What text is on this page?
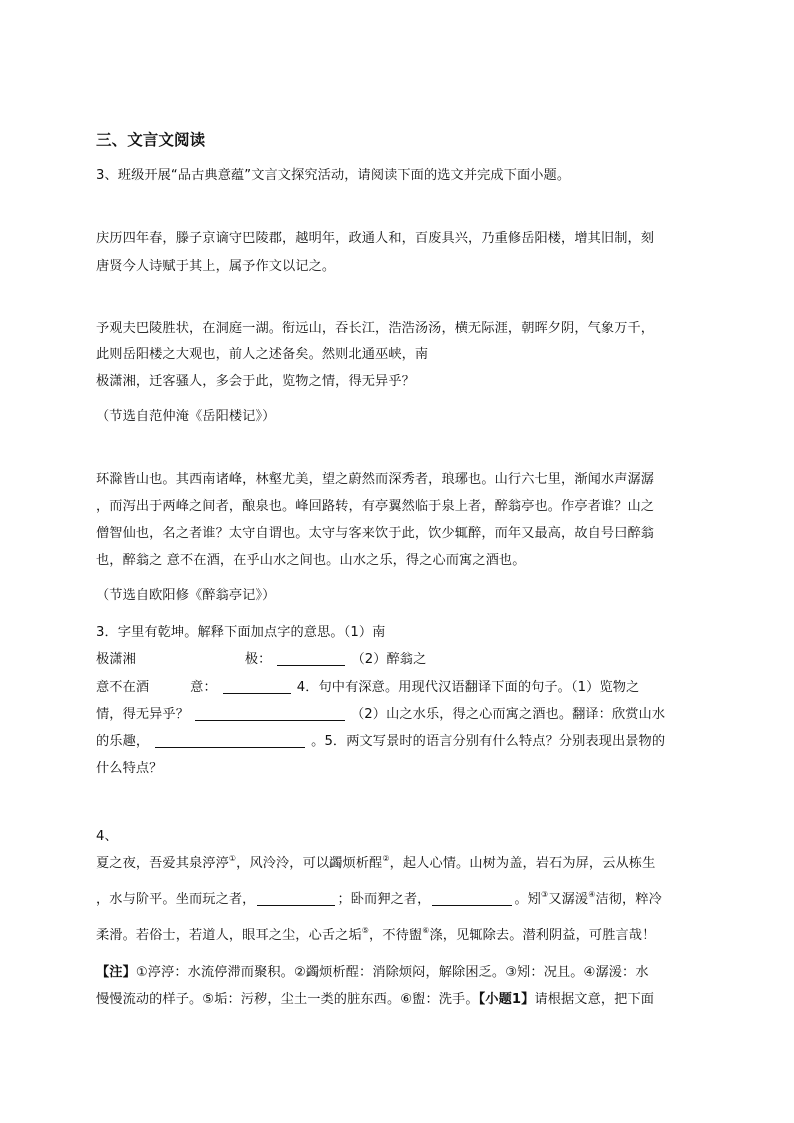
三、文言文阅读
3、班级开展“品古典意蕴”文言文探究活动，请阅读下面的选文并完成下面小题。
庆历四年春，滕子京谪守巴陵郡，越明年，政通人和，百废具兴，乃重修岳阳楼，增其旧制，刻
唐贤今人诗赋于其上，属予作文以记之。
予观夫巴陵胜状，在洞庭一湖。衔远山，吞长江，浩浩汤汤，横无际涯，朝晖夕阴，气象万千，
此则岳阳楼之大观也，前人之述备矣。然则北通巫峡，南
极潇湘，迁客骚人，多会于此，览物之情，得无异乎？
（节选自范仲淹《岳阳楼记》）
环滁皆山也。其西南诸峰，林壑尤美，望之蔚然而深秀者，琅琊也。山行六七里，渐闻水声潺潺
，而泻出于两峰之间者，酿泉也。峰回路转，有亭翼然临于泉上者，醉翁亭也。作亭者谁？山之
僧智仙也，名之者谁？太守自谓也。太守与客来饮于此，饮少辄醉，而年又最高，故自号曰醉翁
也，醉翁之 意不在酒，在乎山水之间也。山水之乐，得之心而寓之酒也。
（节选自欧阳修《醉翁亭记》）
3．字里有乾坤。解释下面加点字的意思。（1）南
极潇湘	极：	（2）醉翁之
意不在酒	意：	4．句中有深意。用现代汉语翻译下面的句子。（1）览物之
情，得无异乎？	（2）山之水乐，得之心而寓之酒也。翻译：欣赏山水
的乐趣，	。5．两文写景时的语言分别有什么特点？分别表现出景物的
什么特点？
4、
夏之夜，吾爱其泉渟渟①，风泠泠，可以蠲烦析酲②，起人心情。山树为盖，岩石为屏，云从栋生
，水与阶平。坐而玩之者，	；卧而狎之者，	。矧③又潺湲④洁彻，粹冷
柔滑。若俗士，若道人，眼耳之尘，心舌之垢⑤，不待盥⑥涤，见辄除去。潜利阴益，可胜言哉！
【注】①渟渟：水流停滞而聚积。②蠲烦析酲：消除烦闷，解除困乏。③矧：况且。④潺湲：水
慢慢流动的样子。⑤垢：污秽，尘土一类的脏东西。⑥盥：洗手。【小题1】请根据文意，把下面
